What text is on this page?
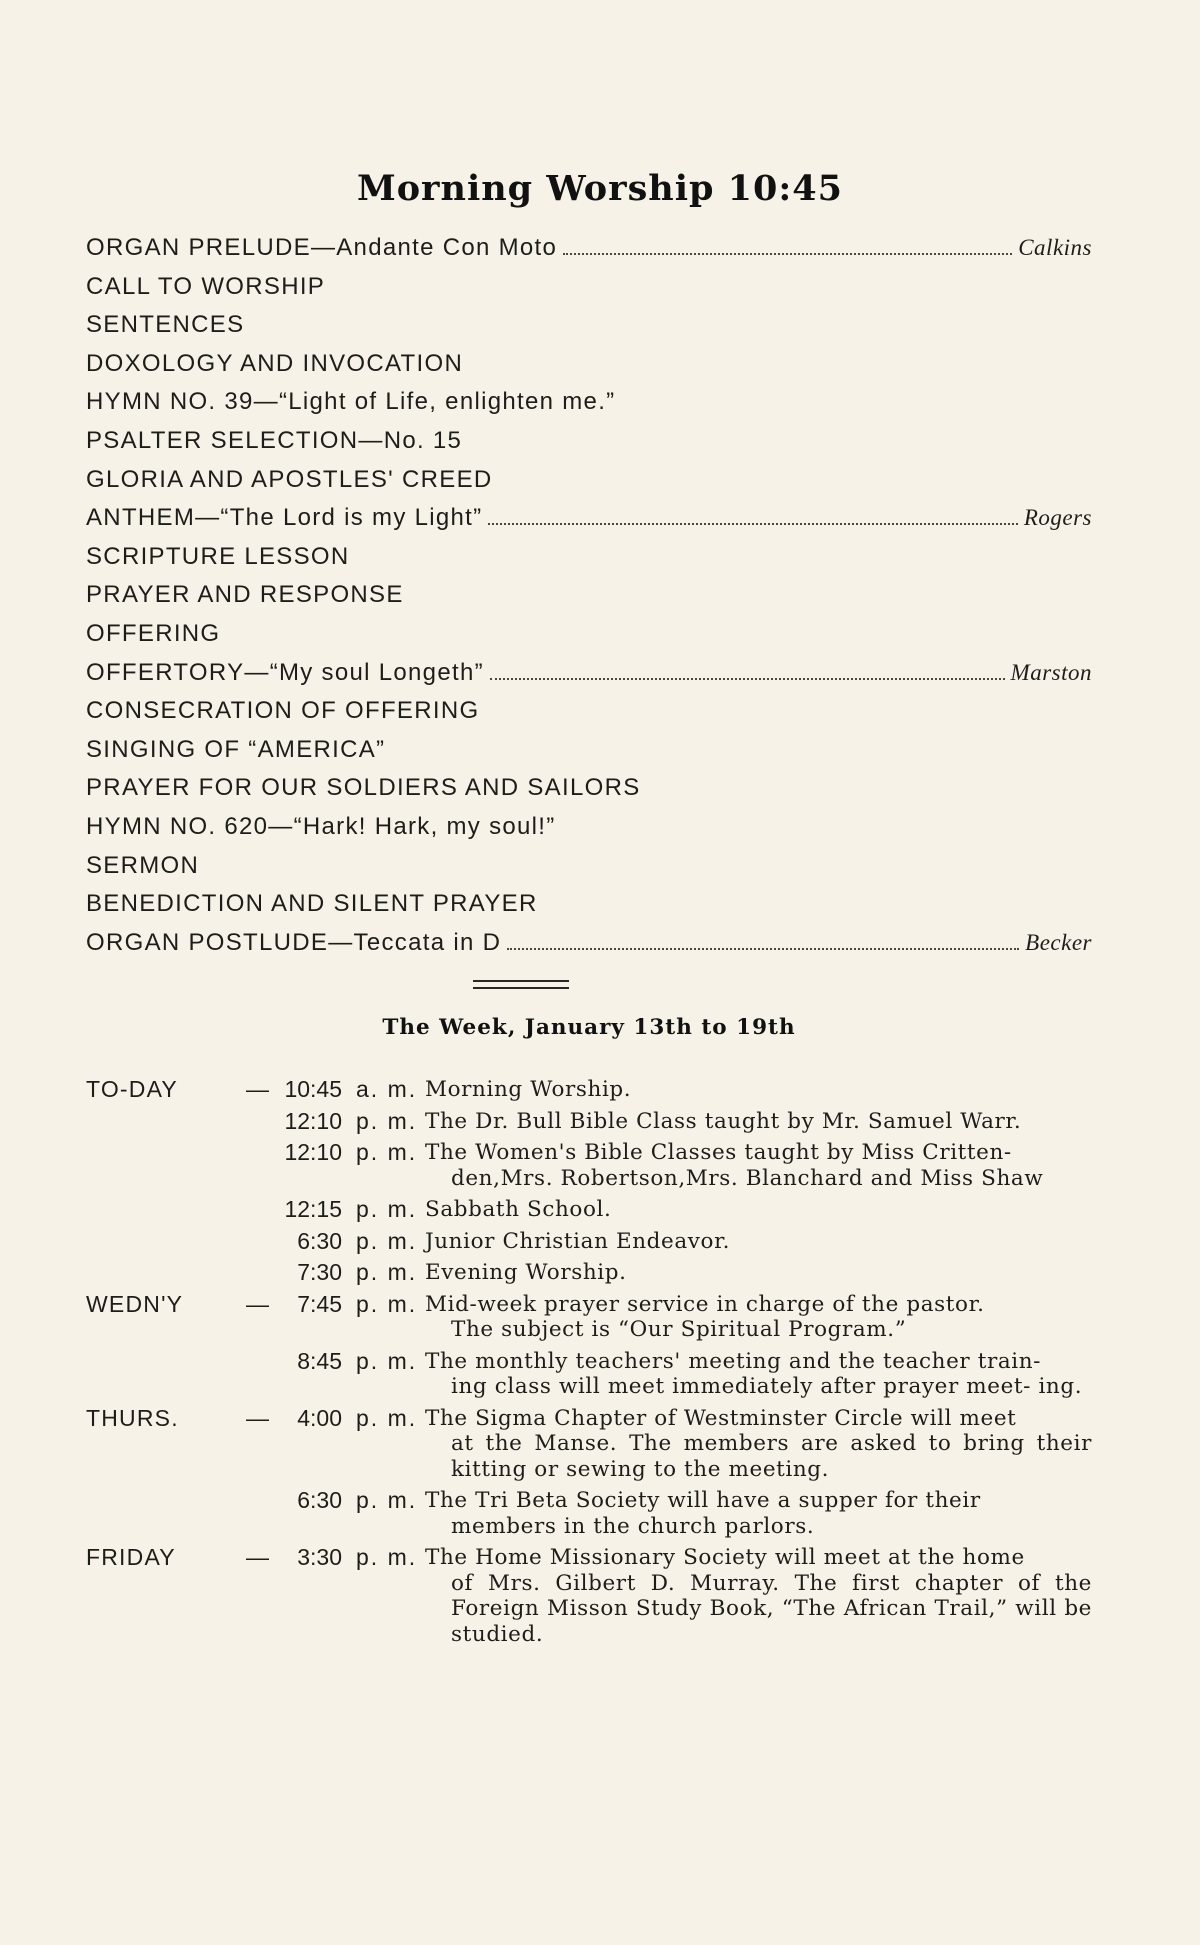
Morning Worship 10:45
ORGAN PRELUDE—Andante Con Moto	Calkins
CALL TO WORSHIP
SENTENCES
DOXOLOGY AND INVOCATION
HYMN NO. 39—“Light of Life, enlighten me.”
PSALTER SELECTION—No. 15
GLORIA AND APOSTLES' CREED
ANTHEM—“The Lord is my Light”	Rogers
SCRIPTURE LESSON
PRAYER AND RESPONSE
OFFERING
OFFERTORY—“My soul Longeth”	Marston
CONSECRATION OF OFFERING
SINGING OF “AMERICA”
PRAYER FOR OUR SOLDIERS AND SAILORS
HYMN NO. 620—“Hark! Hark, my soul!”
SERMON
BENEDICTION AND SILENT PRAYER
ORGAN POSTLUDE—Teccata in D	Becker
The Week, January 13th to 19th
TO-DAY	— 10:45 a. m. Morning Worship.
12:10 p. m. The Dr. Bull Bible Class taught by Mr. Samuel Warr.
12:10 p. m. The Women's Bible Classes taught by Miss Critten-
den,Mrs. Robertson,Mrs. Blanchard and Miss Shaw
12:15 p. m. Sabbath School.
6:30 p. m. Junior Christian Endeavor.
7:30 p. m. Evening Worship.
WEDN'Y	—	7:45 p. m. Mid-week prayer service in charge of the pastor.
The subject is “Our Spiritual Program.”
8:45 p. m. The monthly teachers' meeting and the teacher train-
ing class will meet immediately after prayer meet- ing.
THURS.	—	4:00 p. m. The Sigma Chapter of Westminster Circle will meet
at the Manse. The members are asked to bring their kitting or sewing to the meeting.
6:30 p. m. The Tri Beta Society will have a supper for their
members in the church parlors.
FRIDAY	—	3:30 p. m. The Home Missionary Society will meet at the home
of Mrs. Gilbert D. Murray. The first chapter of the Foreign Misson Study Book, “The African Trail,” will be studied.
